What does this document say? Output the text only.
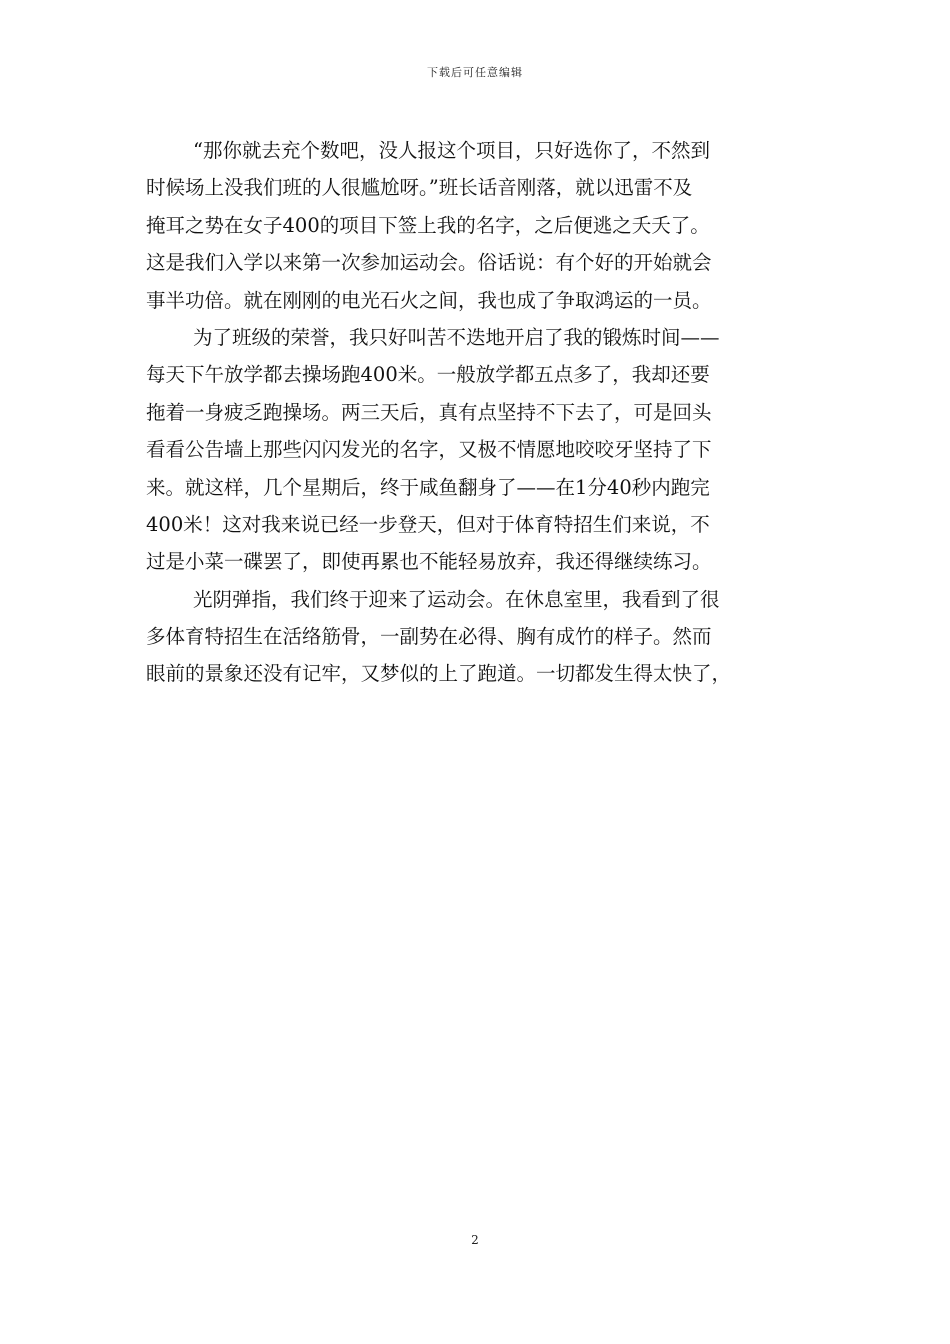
下载后可任意编辑
“那你就去充个数吧，没人报这个项目，只好选你了，不然到
时候场上没我们班的人很尴尬呀。”班长话音刚落，就以迅雷不及
掩耳之势在女子400的项目下签上我的名字，之后便逃之夭夭了。
这是我们入学以来第一次参加运动会。俗话说：有个好的开始就会
事半功倍。就在刚刚的电光石火之间，我也成了争取鸿运的一员。
为了班级的荣誉，我只好叫苦不迭地开启了我的锻炼时间——
每天下午放学都去操场跑400米。一般放学都五点多了，我却还要
拖着一身疲乏跑操场。两三天后，真有点坚持不下去了，可是回头
看看公告墙上那些闪闪发光的名字，又极不情愿地咬咬牙坚持了下
来。就这样，几个星期后，终于咸鱼翻身了——在1分40秒内跑完
400米！这对我来说已经一步登天，但对于体育特招生们来说，不
过是小菜一碟罢了，即使再累也不能轻易放弃，我还得继续练习。
光阴弹指，我们终于迎来了运动会。在休息室里，我看到了很
多体育特招生在活络筋骨，一副势在必得、胸有成竹的样子。然而
眼前的景象还没有记牢，又梦似的上了跑道。一切都发生得太快了，
2
